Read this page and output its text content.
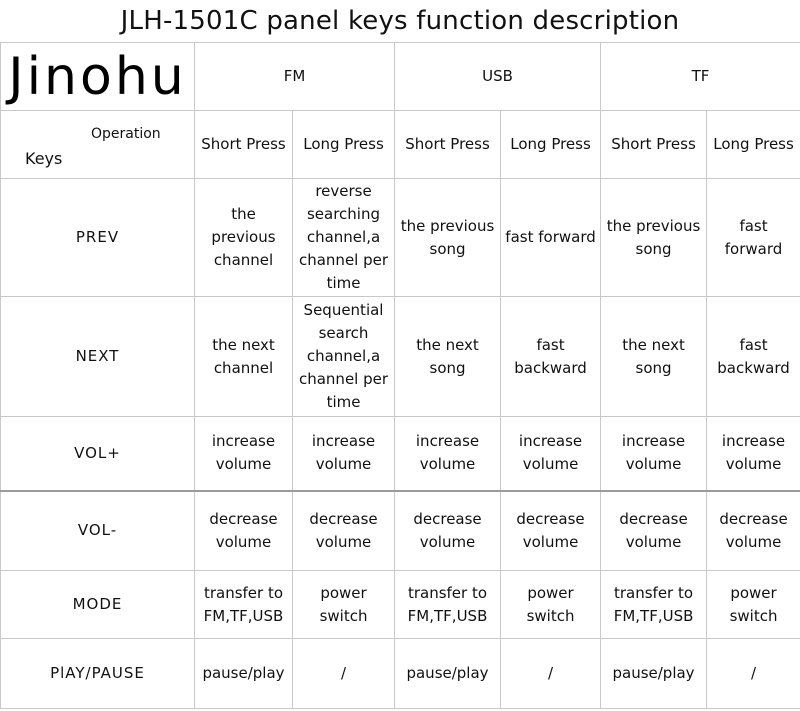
JLH-1501C panel keys function description
Jinohu	FM		USB		TF	

Operation
Keys	Short Press	Long Press	Short Press	Long Press	Short Press	Long Press
PREV	the previous channel	reverse searching channel,a channel per time	the previous song	fast forward	the previous song	fast forward
NEXT	the next channel	Sequential search channel,a channel per time	the next song	fast backward	the next song	fast backward
VOL+	increase volume	increase volume	increase volume	increase volume	increase volume	increase volume
VOL-	decrease volume	decrease volume	decrease volume	decrease volume	decrease volume	decrease volume
MODE	transfer to FM,TF,USB	power switch	transfer to FM,TF,USB	power switch	transfer to FM,TF,USB	power switch
PlAY/PAUSE	pause/play	/	pause/play	/	pause/play	/
